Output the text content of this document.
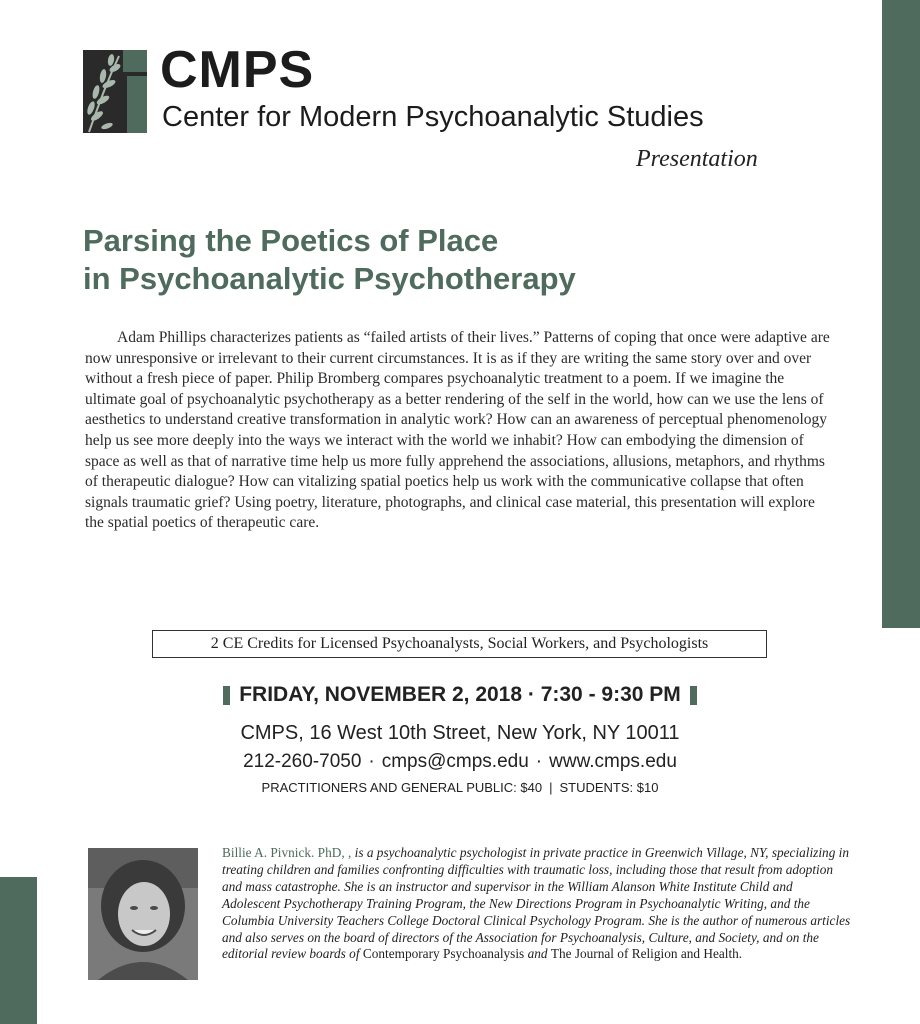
CMPS
Center for Modern Psychoanalytic Studies
Presentation
Parsing the Poetics of Place
in Psychoanalytic Psychotherapy

Adam Phillips characterizes patients as “failed artists of their lives.” Patterns of coping that once were adaptive are now unresponsive or irrelevant to their current circumstances. It is as if they are writing the same story over and over without a fresh piece of paper. Philip Bromberg compares psychoanalytic treatment to a poem. If we imagine the ultimate goal of psychoanalytic psychotherapy as a better rendering of the self in the world, how can we use the lens of aesthetics to understand creative transformation in analytic work? How can an awareness of perceptual phenomenology help us see more deeply into the ways we interact with the world we inhabit? How can embodying the dimension of space as well as that of narrative time help us more fully apprehend the associations, allusions, metaphors, and rhythms of therapeutic dialogue? How can vitalizing spatial poetics help us work with the communicative collapse that often signals traumatic grief? Using poetry, literature, photographs, and clinical case material, this presentation will explore the spatial poetics of therapeutic care.

2 CE Credits for Licensed Psychoanalysts, Social Workers, and Psychologists
FRIDAY, NOVEMBER 2, 2018 · 7:30 - 9:30 PM
CMPS, 16 West 10th Street, New York, NY 10011
212-260-7050 · cmps@cmps.edu · www.cmps.edu
PRACTITIONERS AND GENERAL PUBLIC: $40 | STUDENTS: $10

Billie A. Pivnick. PhD, , is a psychoanalytic psychologist in private practice in Greenwich Village, NY, specializing in treating children and families confronting difficulties with traumatic loss, including those that result from adoption and mass catastrophe. She is an instructor and supervisor in the William Alanson White Institute Child and Adolescent Psychotherapy Training Program, the New Directions Program in Psychoanalytic Writing, and the Columbia University Teachers College Doctoral Clinical Psychology Program. She is the author of numerous articles and also serves on the board of directors of the Association for Psychoanalysis, Culture, and Society, and on the editorial review boards of Contemporary Psychoanalysis and The Journal of Religion and Health.
